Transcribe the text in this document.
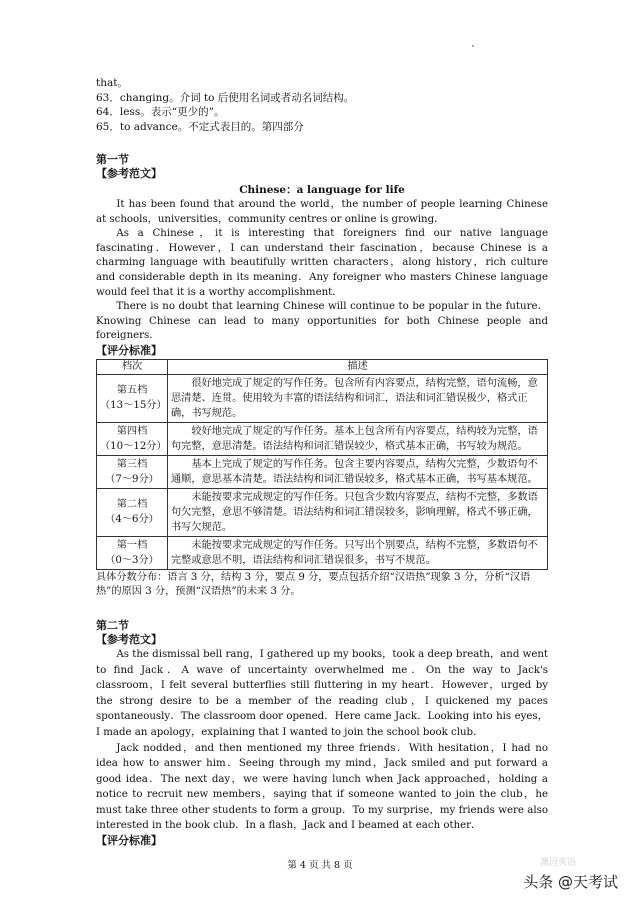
that。
63．changing。介词 to 后使用名词或者动名词结构。
64．less。表示“更少的”。
65．to advance。不定式表目的。第四部分
第一节
【参考范文】
Chinese：a language for life

It has been found that around the world，the number of people learning Chinese at schools，universities，community centres or online is growing．

As a Chinese，it is interesting that foreigners find our native language fascinating．However，I can understand their fascination，because Chinese is a charming language with beautifully written characters，along history，rich culture and considerable depth in its meaning．Any foreigner who masters Chinese language would feel that it is a worthy accomplishment．

There is no doubt that learning Chinese will continue to be popular in the future．Knowing Chinese can lead to many opportunities for both Chinese people and foreigners．

【评分标准】
档次	描述

第五档
（13～15分）	很好地完成了规定的写作任务。包含所有内容要点，结构完整，语句流畅，意思清楚、连贯。使用较为丰富的语法结构和词汇，语法和词汇错误极少，格式正确，书写规范。

第四档
（10～12分）	较好地完成了规定的写作任务。基本上包含所有内容要点，结构较为完整，语句完整，意思清楚。语法结构和词汇错误较少，格式基本正确，书写较为规范。

第三档
（7～9分）	基本上完成了规定的写作任务。包含主要内容要点，结构欠完整，少数语句不通顺，意思基本清楚。语法结构和词汇错误较多，格式基本正确，书写基本规范。

第二档
（4～6分）	未能按要求完成规定的写作任务。只包含少数内容要点，结构不完整，多数语句欠完整，意思不够清楚。语法结构和词汇错误较多，影响理解，格式不够正确，书写欠规范。

第一档
（0～3分）	未能按要求完成规定的写作任务。只写出个别要点，结构不完整，多数语句不完整或意思不明，语法结构和词汇错误很多，书写不规范。
具体分数分布：语言 3 分，结构 3 分，要点 9 分，要点包括介绍“汉语热”现象 3 分，分析“汉语热”的原因 3 分，预测“汉语热”的未来 3 分。
第二节
【参考范文】

As the dismissal bell rang，I gathered up my books，took a deep breath，and went to find Jack．A wave of uncertainty overwhelmed me．On the way to Jack's classroom，I felt several butterflies still fluttering in my heart．However，urged by the strong desire to be a member of the reading club，I quickened my paces spontaneously．The classroom door opened．Here came Jack．Looking into his eyes，I made an apology，explaining that I wanted to join the school book club．

Jack nodded，and then mentioned my three friends．With hesitation，I had no idea how to answer him．Seeing through my mind，Jack smiled and put forward a good idea．The next day，we were having lunch when Jack approached，holding a notice to recruit new members，saying that if someone wanted to join the club，he must take three other students to form a group．To my surprise，my friends were also interested in the book club．In a flash，Jack and I beamed at each other．

【评分标准】
第 4 页 共 8 页	澳因英语
头条 @天考试
